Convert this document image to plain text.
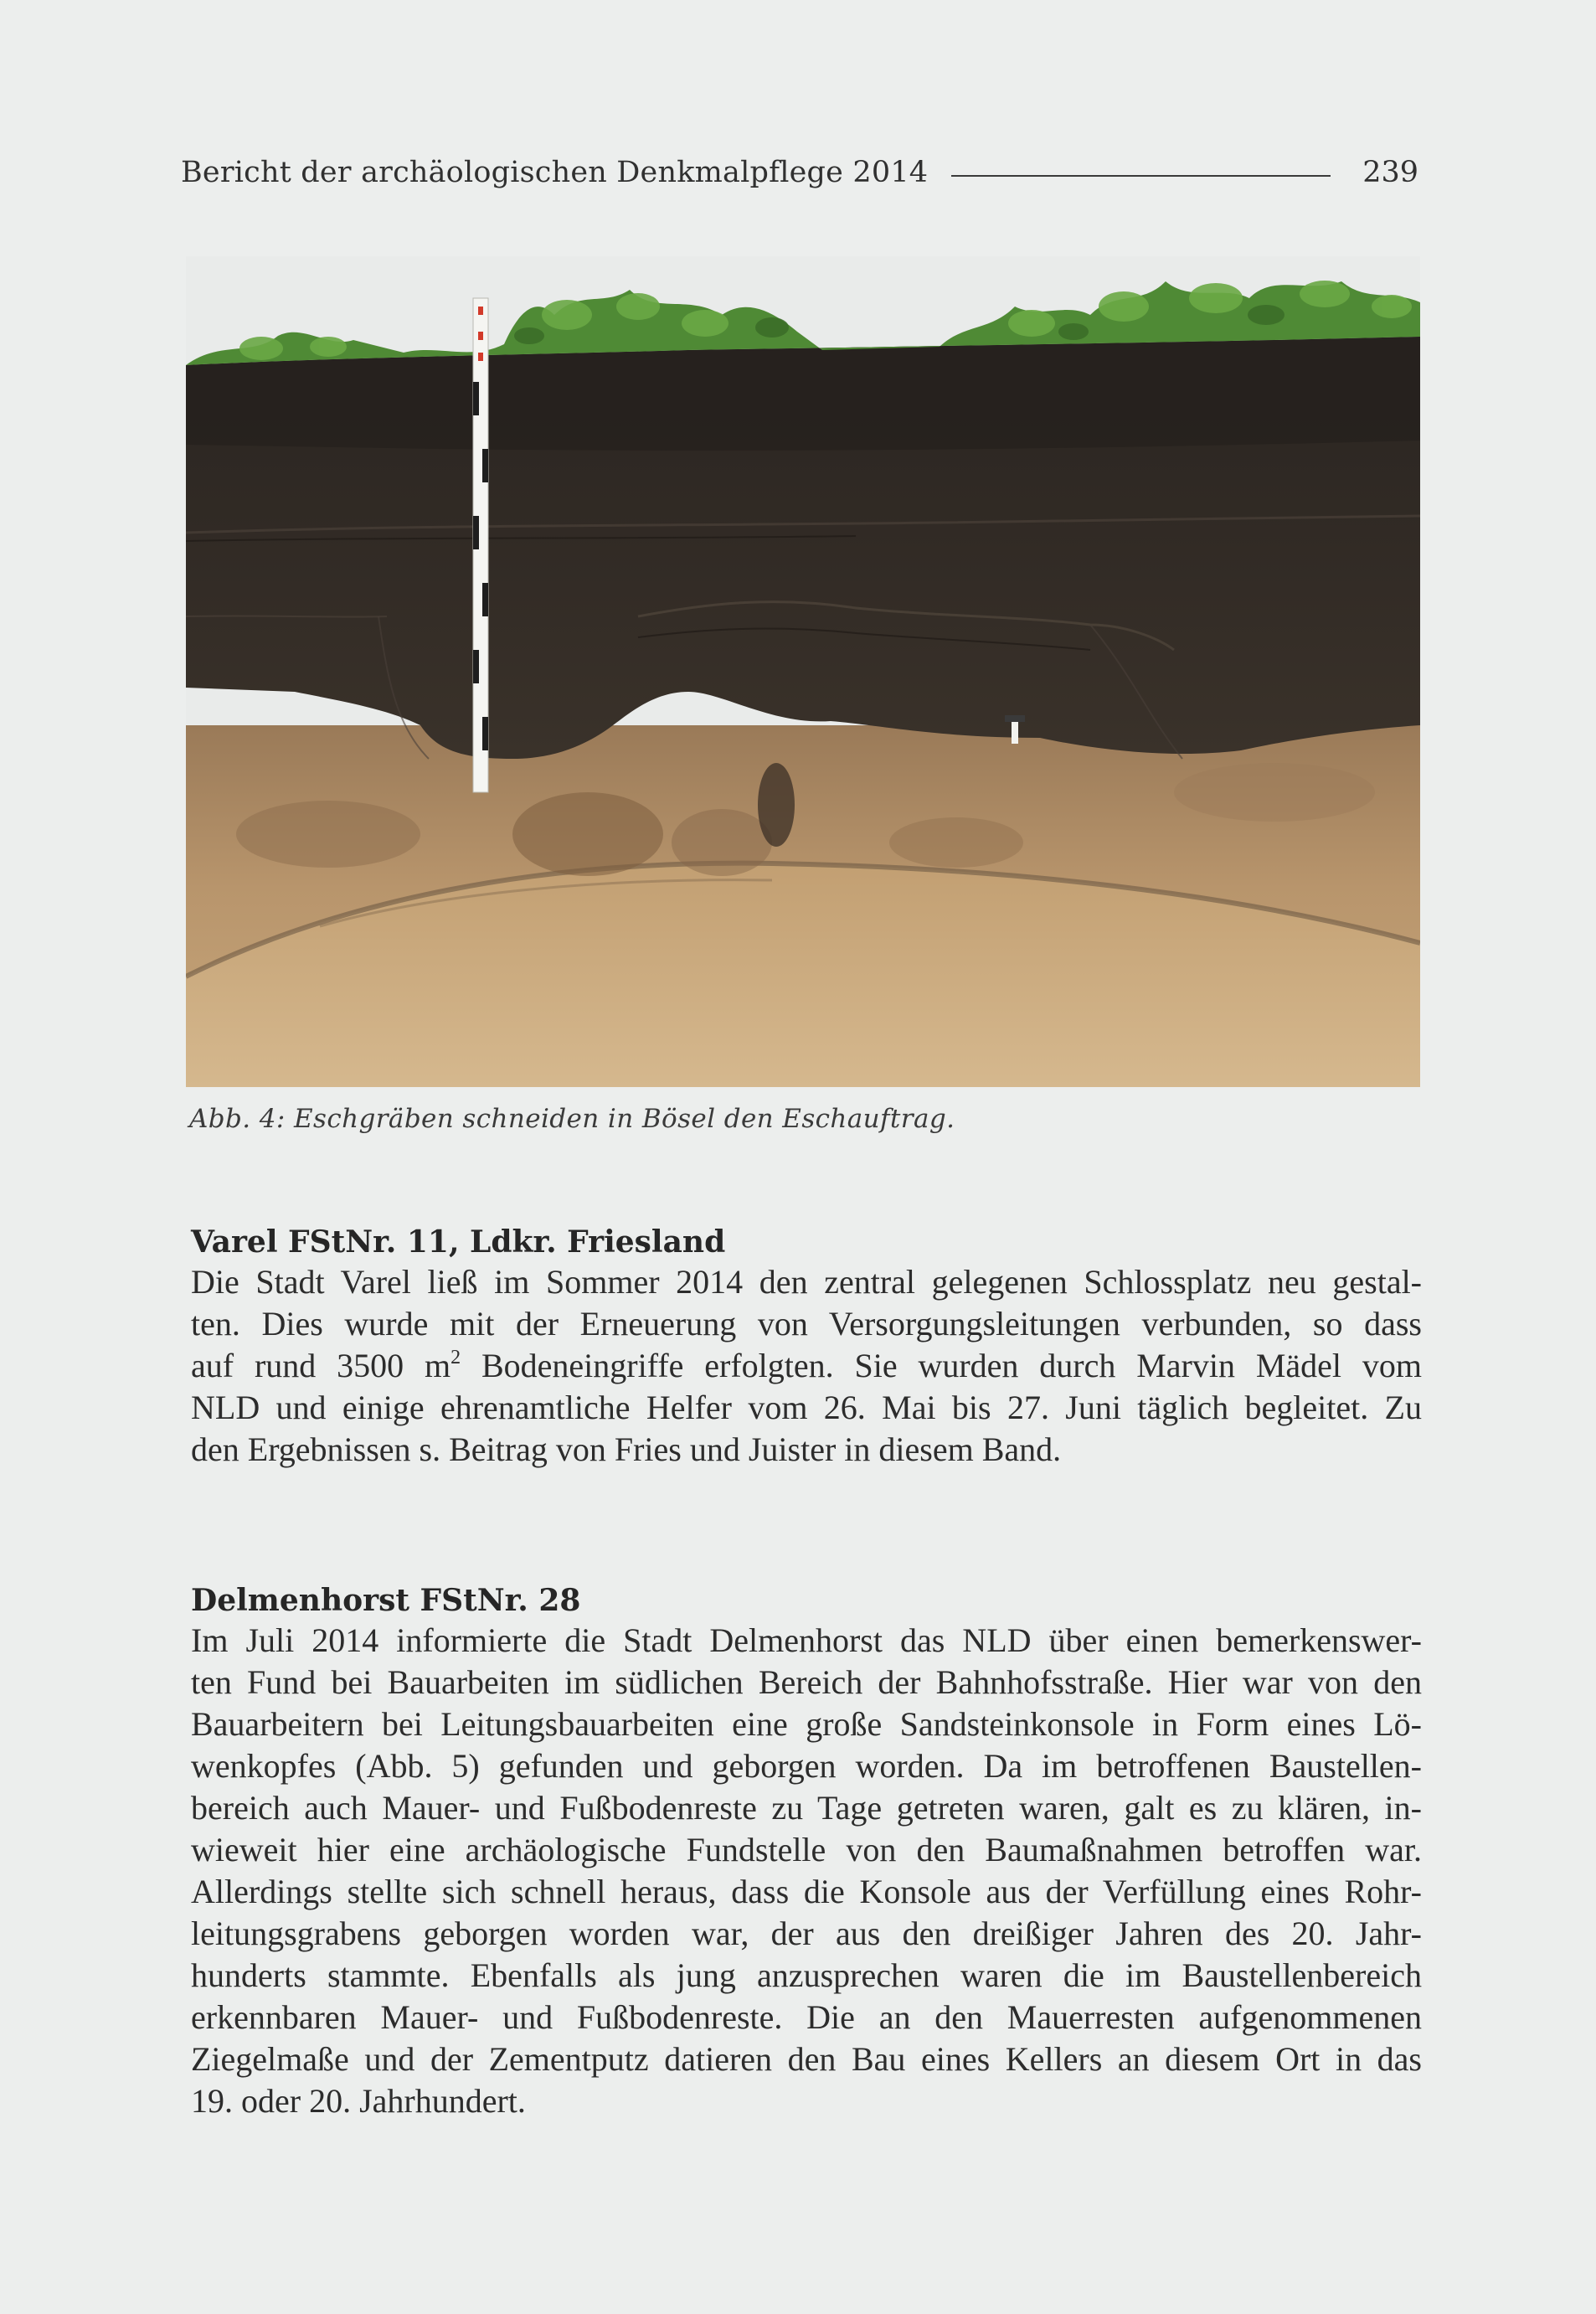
Bericht der archäologischen Denkmalpflege 2014	239
Abb. 4: Eschgräben schneiden in Bösel den Eschauftrag.
Varel FStNr. 11, Ldkr. Friesland
Die Stadt Varel ließ im Sommer 2014 den zentral gelegenen Schlossplatz neu gestal-
ten. Dies wurde mit der Erneuerung von Versorgungsleitungen verbunden, so dass
auf rund 3500 $m^2$ Bodeneingriffe erfolgten. Sie wurden durch Marvin Mädel vom
NLD und einige ehrenamtliche Helfer vom 26. Mai bis 27. Juni täglich begleitet. Zu
den Ergebnissen s. Beitrag von Fries und Juister in diesem Band.
Delmenhorst FStNr. 28
Im Juli 2014 informierte die Stadt Delmenhorst das NLD über einen bemerkenswer-
ten Fund bei Bauarbeiten im südlichen Bereich der Bahnhofsstraße. Hier war von den
Bauarbeitern bei Leitungsbauarbeiten eine große Sandsteinkonsole in Form eines Lö-
wenkopfes (Abb. 5) gefunden und geborgen worden. Da im betroffenen Baustellen-
bereich auch Mauer- und Fußbodenreste zu Tage getreten waren, galt es zu klären, in-
wieweit hier eine archäologische Fundstelle von den Baumaßnahmen betroffen war.
Allerdings stellte sich schnell heraus, dass die Konsole aus der Verfüllung eines Rohr-
leitungsgrabens geborgen worden war, der aus den dreißiger Jahren des 20. Jahr-
hunderts stammte. Ebenfalls als jung anzusprechen waren die im Baustellenbereich
erkennbaren Mauer- und Fußbodenreste. Die an den Mauerresten aufgenommenen
Ziegelmaße und der Zementputz datieren den Bau eines Kellers an diesem Ort in das
19. oder 20. Jahrhundert.
